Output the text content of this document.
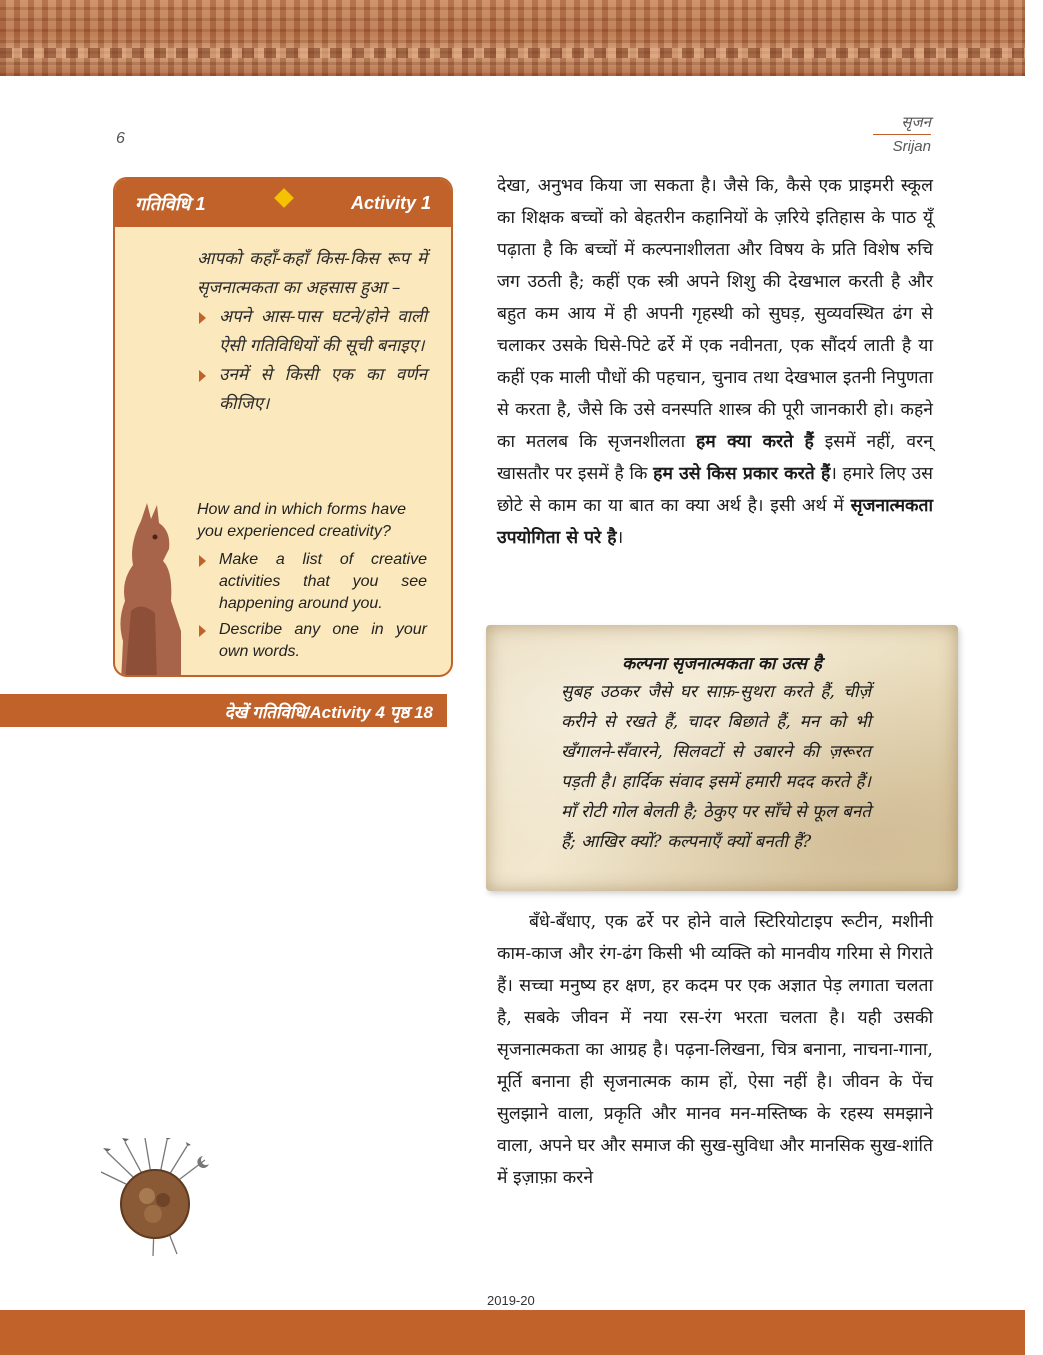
6
सृजन
Srijan
गतिविधि 1	Activity 1

आपको कहाँ-कहाँ किस-किस रूप में सृजनात्मकता का अहसास हुआ –

अपने आस-पास घटने/होने वाली ऐसी गतिविधियों की सूची बनाइए।

उनमें से किसी एक का वर्णन कीजिए।

How and in which forms have you experienced creativity?

Make a list of creative activities that you see happening around you.

Describe any one in your own words.

देखें गतिविधि/Activity 4 पृष्ठ 18

देखा, अनुभव किया जा सकता है। जैसे कि, कैसे एक प्राइमरी स्कूल का शिक्षक बच्चों को बेहतरीन कहानियों के ज़रिये इतिहास के पाठ यूँ पढ़ाता है कि बच्चों में कल्पनाशीलता और विषय के प्रति विशेष रुचि जग उठती है; कहीं एक स्त्री अपने शिशु की देखभाल करती है और बहुत कम आय में ही अपनी गृहस्थी को सुघड़, सुव्यवस्थित ढंग से चलाकर उसके घिसे-पिटे ढर्रे में एक नवीनता, एक सौंदर्य लाती है या कहीं एक माली पौधों की पहचान, चुनाव तथा देखभाल इतनी निपुणता से करता है, जैसे कि उसे वनस्पति शास्त्र की पूरी जानकारी हो। कहने का मतलब कि सृजनशीलता हम क्या करते हैं इसमें नहीं, वरन् खासतौर पर इसमें है कि हम उसे किस प्रकार करते हैं। हमारे लिए उस छोटे से काम का या बात का क्या अर्थ है। इसी अर्थ में सृजनात्मकता उपयोगिता से परे है।

कल्पना सृजनात्मकता का उत्स है
सुबह उठकर जैसे घर साफ़-सुथरा करते हैं, चीज़ें करीने से रखते हैं, चादर बिछाते हैं, मन को भी खँगालने-सँवारने, सिलवटों से उबारने की ज़रूरत पड़ती है। हार्दिक संवाद इसमें हमारी मदद करते हैं। माँ रोटी गोल बेलती है; ठेकुए पर साँचे से फूल बनते हैं; आखिर क्यों? कल्पनाएँ क्यों बनती हैं?

बँधे-बँधाए, एक ढर्रे पर होने वाले स्टिरियोटाइप रूटीन, मशीनी काम-काज और रंग-ढंग किसी भी व्यक्ति को मानवीय गरिमा से गिराते हैं। सच्चा मनुष्य हर क्षण, हर कदम पर एक अज्ञात पेड़ लगाता चलता है, सबके जीवन में नया रस-रंग भरता चलता है। यही उसकी सृजनात्मकता का आग्रह है। पढ़ना-लिखना, चित्र बनाना, नाचना-गाना, मूर्ति बनाना ही सृजनात्मक काम हों, ऐसा नहीं है। जीवन के पेंच सुलझाने वाला, प्रकृति और मानव मन-मस्तिष्क के रहस्य समझाने वाला, अपने घर और समाज की सुख-सुविधा और मानसिक सुख-शांति में इज़ाफ़ा करने

2019-20
